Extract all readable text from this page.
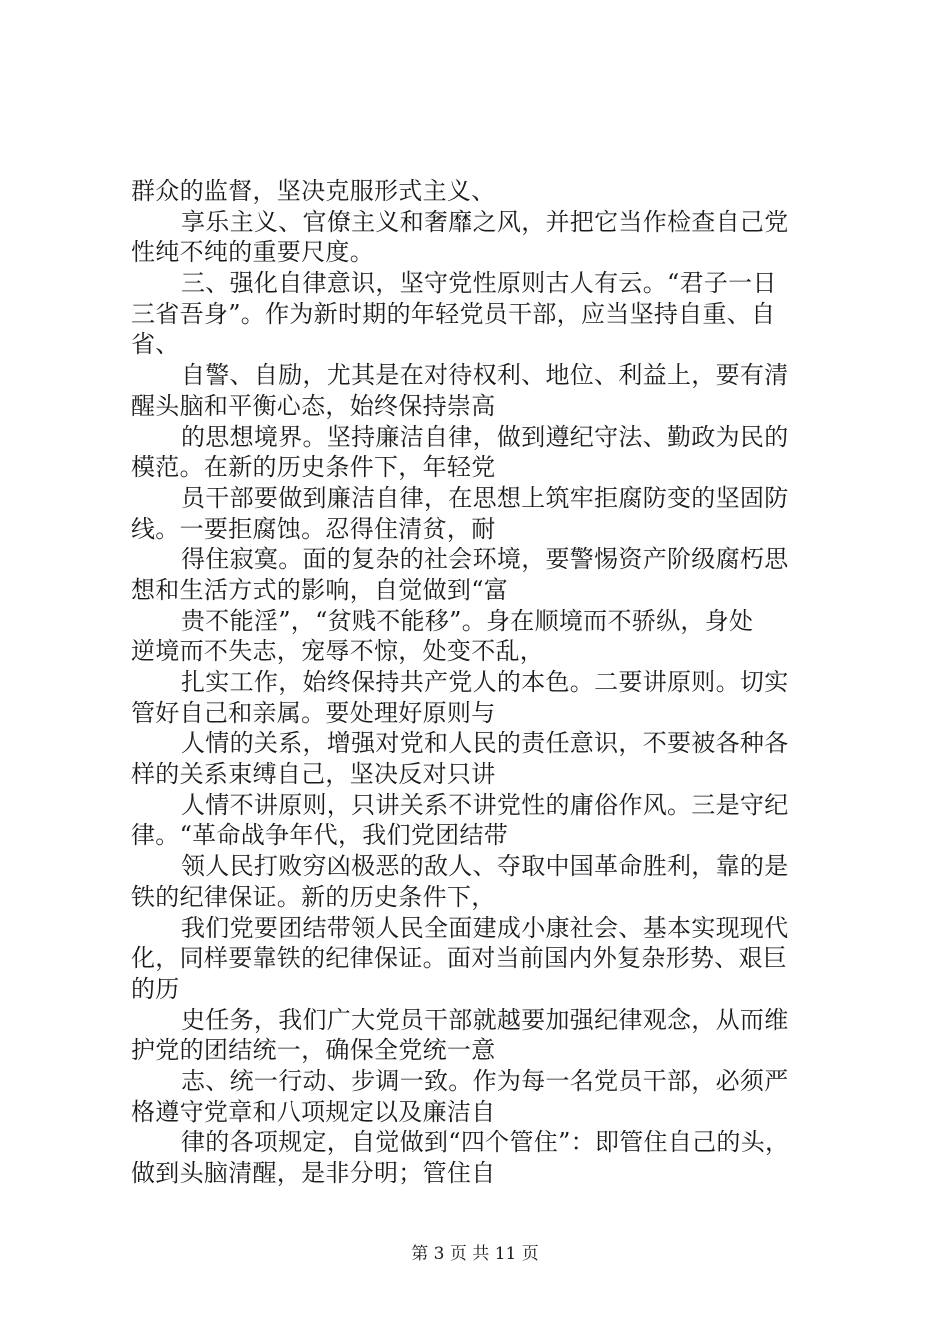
群众的监督，坚决克服形式主义、
享乐主义、官僚主义和奢靡之风，并把它当作检查自己党
性纯不纯的重要尺度。
三、强化自律意识，坚守党性原则古人有云。“君子一日
三省吾身”。作为新时期的年轻党员干部，应当坚持自重、自
省、
自警、自励，尤其是在对待权利、地位、利益上，要有清
醒头脑和平衡心态，始终保持崇高
的思想境界。坚持廉洁自律，做到遵纪守法、勤政为民的
模范。在新的历史条件下，年轻党
员干部要做到廉洁自律，在思想上筑牢拒腐防变的坚固防
线。一要拒腐蚀。忍得住清贫，耐
得住寂寞。面的复杂的社会环境，要警惕资产阶级腐朽思
想和生活方式的影响，自觉做到“富
贵不能淫”，“贫贱不能移”。身在顺境而不骄纵，身处
逆境而不失志，宠辱不惊，处变不乱，
扎实工作，始终保持共产党人的本色。二要讲原则。切实
管好自己和亲属。要处理好原则与
人情的关系，增强对党和人民的责任意识，不要被各种各
样的关系束缚自己，坚决反对只讲
人情不讲原则，只讲关系不讲党性的庸俗作风。三是守纪
律。“革命战争年代，我们党团结带
领人民打败穷凶极恶的敌人、夺取中国革命胜利，靠的是
铁的纪律保证。新的历史条件下，
我们党要团结带领人民全面建成小康社会、基本实现现代
化，同样要靠铁的纪律保证。面对当前国内外复杂形势、艰巨
的历
史任务，我们广大党员干部就越要加强纪律观念，从而维
护党的团结统一，确保全党统一意
志、统一行动、步调一致。作为每一名党员干部，必须严
格遵守党章和八项规定以及廉洁自
律的各项规定，自觉做到“四个管住”：即管住自己的头，
做到头脑清醒，是非分明；管住自
第 3 页 共 11 页
